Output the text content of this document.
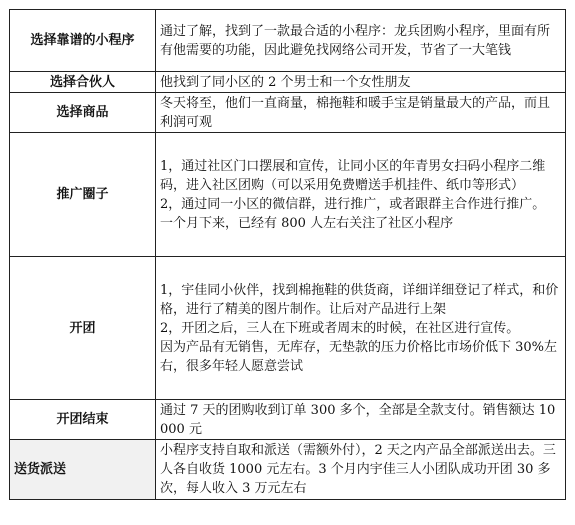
选择靠谱的小程序	通过了解，找到了一款最合适的小程序：龙兵团购小程序，里面有所有他需要的功能，因此避免找网络公司开发，节省了一大笔钱

选择合伙人	他找到了同小区的 2 个男士和一个女性朋友

选择商品	冬天将至，他们一直商量，棉拖鞋和暖手宝是销量最大的产品，而且利润可观

推广圈子	1，通过社区门口摆展和宣传，让同小区的年青男女扫码小程序二维码，进入社区团购（可以采用免费赠送手机挂件、纸巾等形式）

2，通过同一小区的微信群，进行推广，或者跟群主合作进行推广。

一个月下来，已经有 800 人左右关注了社区小程序

开团	1，宇佳同小伙伴，找到棉拖鞋的供货商，详细详细登记了样式，和价格，进行了精美的图片制作。让后对产品进行上架

2，开团之后，三人在下班或者周末的时候，在社区进行宣传。

因为产品有无销售，无库存，无垫款的压力价格比市场价低下 30%左右，很多年轻人愿意尝试

开团结束	通过 7 天的团购收到订单 300 多个，全部是全款支付。销售额达 10000 元

送货派送	小程序支持自取和派送（需额外付），2 天之内产品全部派送出去。三人各自收货 1000 元左右。3 个月内宇佳三人小团队成功开团 30 多次，每人收入 3 万元左右
